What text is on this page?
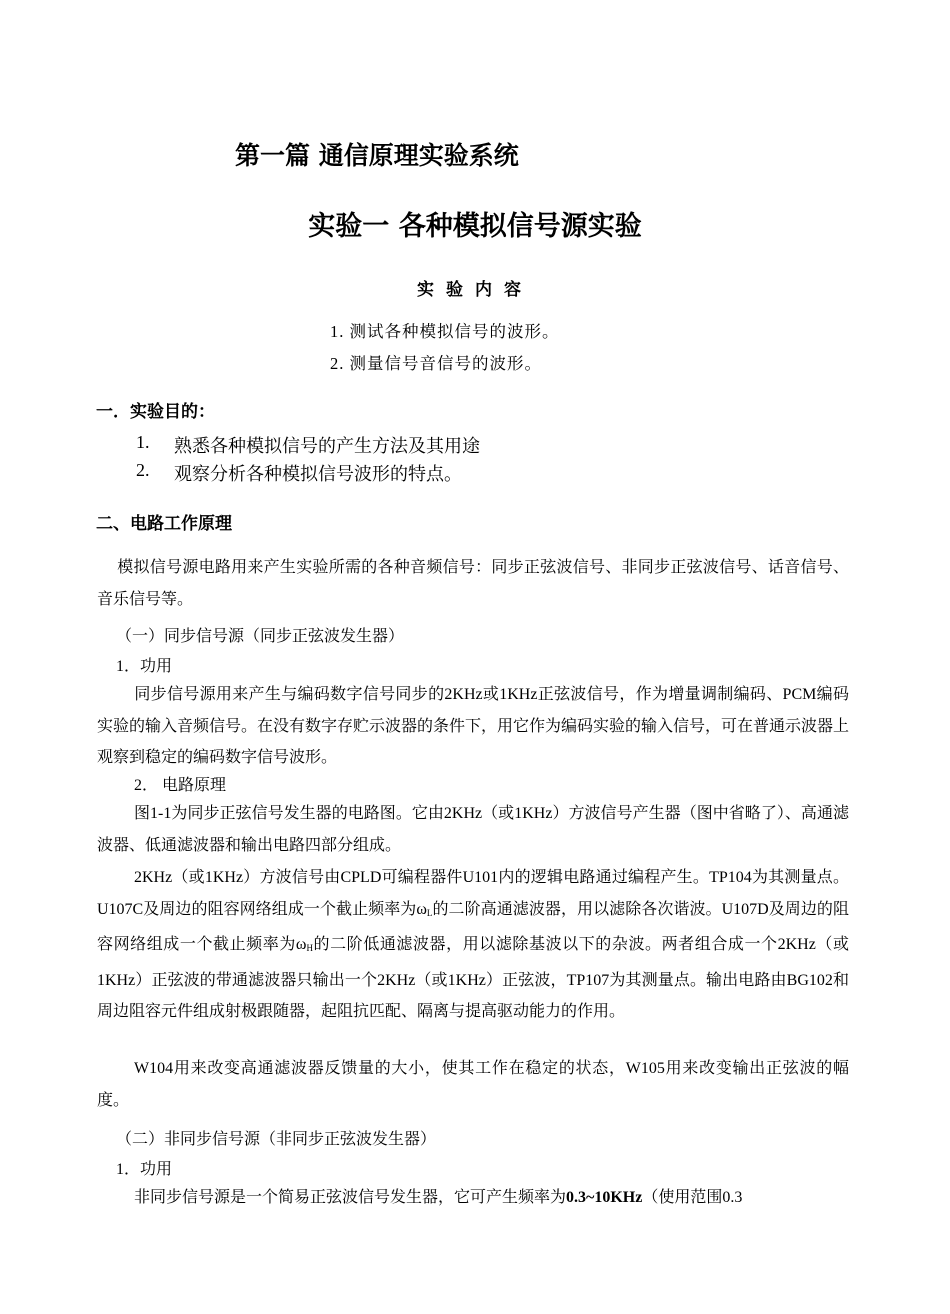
第一篇 通信原理实验系统
实验一 各种模拟信号源实验
实验内容
1. 测试各种模拟信号的波形。
2. 测量信号音信号的波形。
一．实验目的：
1. 熟悉各种模拟信号的产生方法及其用途
2. 观察分析各种模拟信号波形的特点。
二、电路工作原理
模拟信号源电路用来产生实验所需的各种音频信号：同步正弦波信号、非同步正弦波信号、话音信号、音乐信号等。
（一）同步信号源（同步正弦波发生器）
1．功用
同步信号源用来产生与编码数字信号同步的2KHz或1KHz正弦波信号，作为增量调制编码、PCM编码实验的输入音频信号。在没有数字存贮示波器的条件下，用它作为编码实验的输入信号，可在普通示波器上观察到稳定的编码数字信号波形。
2． 电路原理
图1-1为同步正弦信号发生器的电路图。它由2KHz（或1KHz）方波信号产生器（图中省略了）、高通滤波器、低通滤波器和输出电路四部分组成。
2KHz（或1KHz）方波信号由CPLD可编程器件U101内的逻辑电路通过编程产生。TP104为其测量点。U107C及周边的阻容网络组成一个截止频率为$\omega_L$的二阶高通滤波器，用以滤除各次谐波。U107D及周边的阻容网络组成一个截止频率为$\omega_H$的二阶低通滤波器，用以滤除基波以下的杂波。两者组合成一个2KHz（或1KHz）正弦波的带通滤波器只输出一个2KHz（或1KHz）正弦波，TP107为其测量点。输出电路由BG102和周边阻容元件组成射极跟随器，起阻抗匹配、隔离与提高驱动能力的作用。
W104用来改变高通滤波器反馈量的大小，使其工作在稳定的状态，W105用来改变输出正弦波的幅度。
（二）非同步信号源（非同步正弦波发生器）
1．功用
非同步信号源是一个简易正弦波信号发生器，它可产生频率为0.3~10KHz（使用范围0.3
